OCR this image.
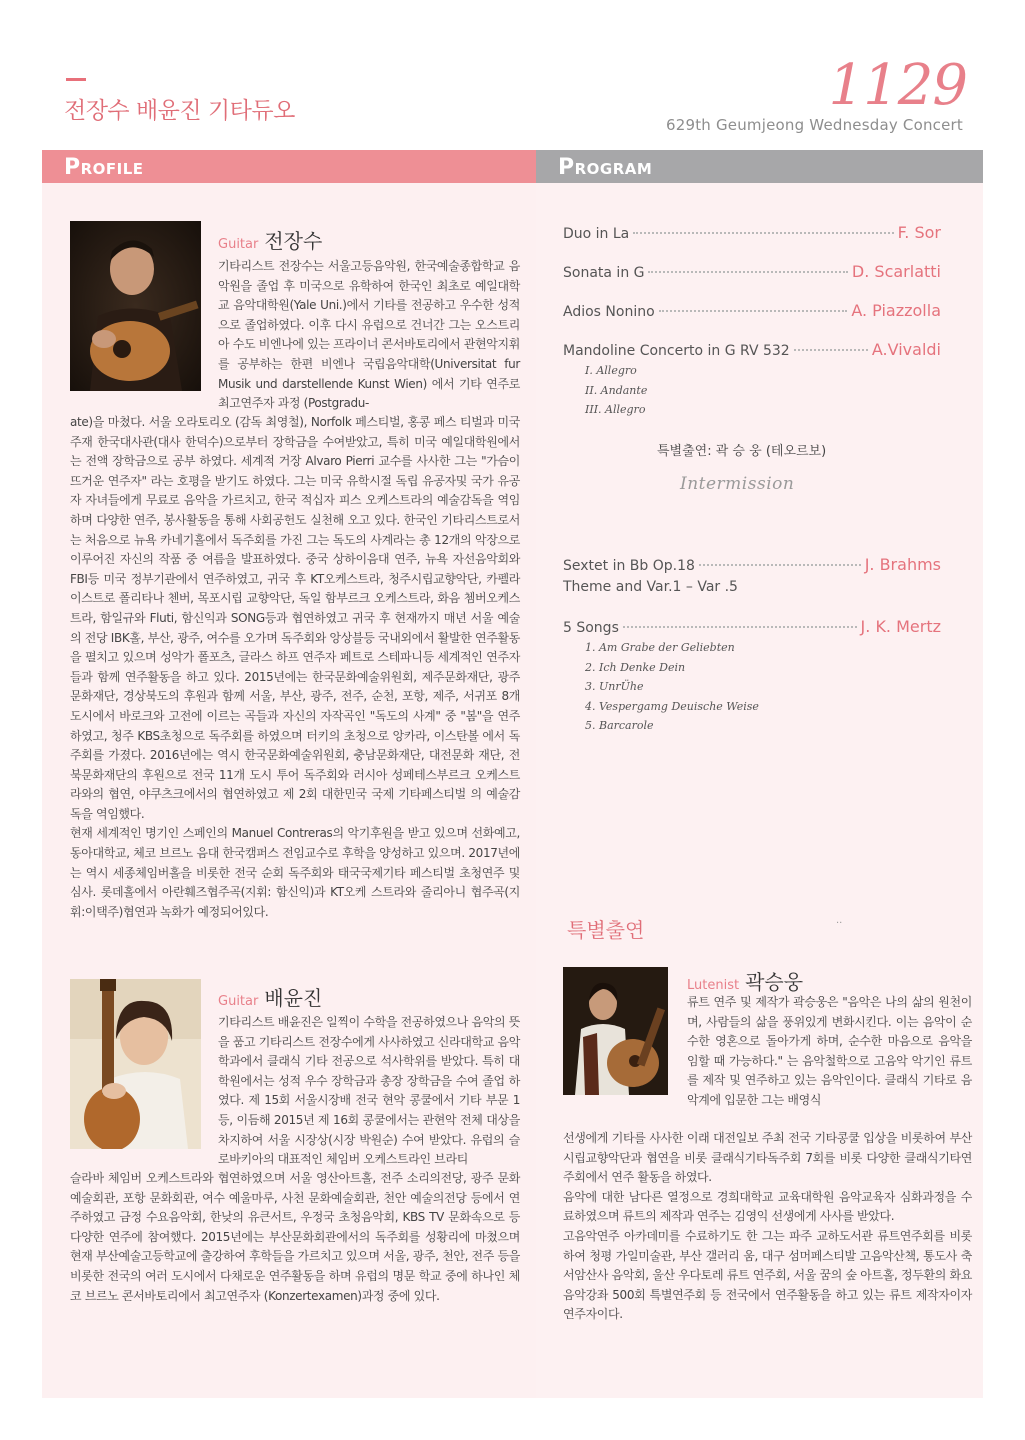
전장수 배윤진 기타듀오	1129
629th Geumjeong Wednesday Concert
Profile	Program
Guitar 전장수

기타리스트 전장수는 서울고등음악원, 한국예술종합학교 음악원을 졸업 후 미국으로 유학하여 한국인 최초로 예일대학교 음악대학원(Yale Uni.)에서 기타를 전공하고 우수한 성적으로 졸업하였다. 이후 다시 유럽으로 건너간 그는 오스트리아 수도 비엔나에 있는 프라이너 콘서바토리에서 관현악지휘를 공부하는 한편 비엔나 국립음악대학(Universitat fur Musik und darstellende Kunst Wien) 에서 기타 연주로 최고연주자 과정 (Postgradu-

ate)을 마쳤다. 서울 오라토리오 (감독 최영철), Norfolk 페스티벌, 홍콩 페스 티벌과 미국주재 한국대사관(대사 한덕수)으로부터 장학금을 수여받았고, 특히 미국 예일대학원에서는 전액 장학금으로 공부 하였다. 세계적 거장 Alvaro Pierri 교수를 사사한 그는 "가슴이 뜨거운 연주자" 라는 호평을 받기도 하였다. 그는 미국 유학시절 독립 유공자및 국가 유공자 자녀들에게 무료로 음악을 가르치고, 한국 적십자 피스 오케스트라의 예술감독을 역임하며 다양한 연주, 봉사활동을 통해 사회공헌도 실천해 오고 있다. 한국인 기타리스트로서는 처음으로 뉴욕 카네기홀에서 독주회를 가진 그는 독도의 사계라는 총 12개의 악장으로 이루어진 자신의 작품 중 여름을 발표하였다. 중국 상하이음대 연주, 뉴욕 자선음악회와 FBI등 미국 정부기관에서 연주하였고, 귀국 후 KT오케스트라, 청주시립교향악단, 카펠라이스트로 폴리타나 첸버, 목포시립 교향악단, 독일 함부르크 오케스트라, 화음 쳄버오케스트라, 함일규와 Fluti, 함신익과 SONG등과 협연하였고 귀국 후 현재까지 매년 서울 예술의 전당 IBK홀, 부산, 광주, 여수를 오가며 독주회와 앙상블등 국내외에서 활발한 연주활동을 펼치고 있으며 성악가 폴포츠, 글라스 하프 연주자 페트로 스테파니등 세계적인 연주자 들과 함께 연주활동을 하고 있다. 2015년에는 한국문화예술위원회, 제주문화재단, 광주 문화재단, 경상북도의 후원과 함께 서울, 부산, 광주, 전주, 순천, 포항, 제주, 서귀포 8개 도시에서 바로크와 고전에 이르는 곡들과 자신의 자작곡인 "독도의 사계" 중 "봄"을 연주하였고, 청주 KBS초청으로 독주회를 하였으며 터키의 초청으로 앙카라, 이스탄볼 에서 독주회를 가졌다. 2016년에는 역시 한국문화예술위원회, 충남문화재단, 대전문화 재단, 전북문화재단의 후원으로 전국 11개 도시 투어 독주회와 러시아 성페테스부르크 오케스트라와의 협연, 야쿠츠크에서의 협연하였고 제 2회 대한민국 국제 기타페스티벌 의 예술감독을 역임했다.

현재 세계적인 명기인 스페인의 Manuel Contreras의 악기후원을 받고 있으며 선화예고, 동아대학교, 체코 브르노 음대 한국캠퍼스 전임교수로 후학을 양성하고 있으며. 2017년에는 역시 세종체임버홀을 비롯한 전국 순회 독주회와 태국국제기타 페스티벌 초청연주 및 심사. 롯데홀에서 아란훼즈협주곡(지휘: 함신익)과 KT오케 스트라와 줄리아니 협주곡(지휘:이택주)협연과 녹화가 예정되어있다.

Guitar 배윤진

기타리스트 배윤진은 일찍이 수학을 전공하였으나 음악의 뜻을 품고 기타리스트 전장수에게 사사하였고 신라대학교 음악학과에서 클래식 기타 전공으로 석사학위를 받았다. 특히 대학원에서는 성적 우수 장학금과 총장 장학금을 수여 졸업 하였다. 제 15회 서울시장배 전국 현악 콩쿨에서 기타 부문 1등, 이듬해 2015년 제 16회 콩쿨에서는 관현악 전체 대상을 차지하여 서울 시장상(시장 박원순) 수여 받았다. 유럽의 슬로바키아의 대표적인 체임버 오케스트라인 브라티

슬라바 체임버 오케스트라와 협연하였으며 서울 영산아트홀, 전주 소리의전당, 광주 문화예술회관, 포항 문화회관, 여수 예울마루, 사천 문화예술회관, 천안 예술의전당 등에서 연주하였고 금정 수요음악회, 한낮의 유큰서트, 우정국 초청음악회, KBS TV 문화속으로 등 다양한 연주에 참여했다. 2015년에는 부산문화회관에서의 독주회를 성황리에 마쳤으며 현재 부산예술고등학교에 출강하여 후학들을 가르치고 있으며 서울, 광주, 천안, 전주 등을 비롯한 전국의 여러 도시에서 다채로운 연주활동을 하며 유럽의 명문 학교 중에 하나인 체코 브르노 콘서바토리에서 최고연주자 (Konzertexamen)과정 중에 있다.

Duo in La	F. Sor
Sonata in G	D. Scarlatti
Adios Nonino	A. Piazzolla
Mandoline Concerto in G RV 532	A.Vivaldi
I. Allegro
II. Andante
III. Allegro
특별출연: 곽 승 웅 (테오르보)
Intermission
Sextet in Bb Op.18	J. Brahms
Theme and Var.1 – Var .5
5 Songs	J. K. Mertz
1. Am Grabe der Geliebten
2. Ich Denke Dein
3. UnrÜhe
4. Vespergamg Deuische Weise
5. Barcarole
특별출연	..
Lutenist 곽승웅

류트 연주 및 제작가 곽승웅은 "음악은 나의 삶의 원천이며, 사람들의 삶을 풍위있게 변화시킨다. 이는 음악이 순수한 영혼으로 돌아가게 하며, 순수한 마음으로 음악을 임할 때 가능하다." 는 음악철학으로 고음악 악기인 류트를 제작 및 연주하고 있는 음악인이다. 클래식 기타로 음악계에 입문한 그는 배영식

선생에게 기타를 사사한 이래 대전일보 주최 전국 기타콩쿨 입상을 비롯하여 부산시립교향악단과 협연을 비롯 클래식기타독주회 7회를 비롯 다양한 클래식기타연주회에서 연주 활동을 하였다.

음악에 대한 남다른 열정으로 경희대학교 교육대학원 음악교육자 심화과정을 수료하였으며 류트의 제작과 연주는 김영익 선생에게 사사를 받았다.

고음악연주 아카데미를 수료하기도 한 그는 파주 교하도서관 류트연주회를 비롯하여 청평 가일미술관, 부산 갤러리 움, 대구 섬머페스티발 고음악산책, 통도사 축서암산사 음악회, 울산 우다토레 류트 연주회, 서울 꿈의 숲 아트홀, 정두환의 화요음악강좌 500회 특별연주회 등 전국에서 연주활동을 하고 있는 류트 제작자이자 연주자이다.
